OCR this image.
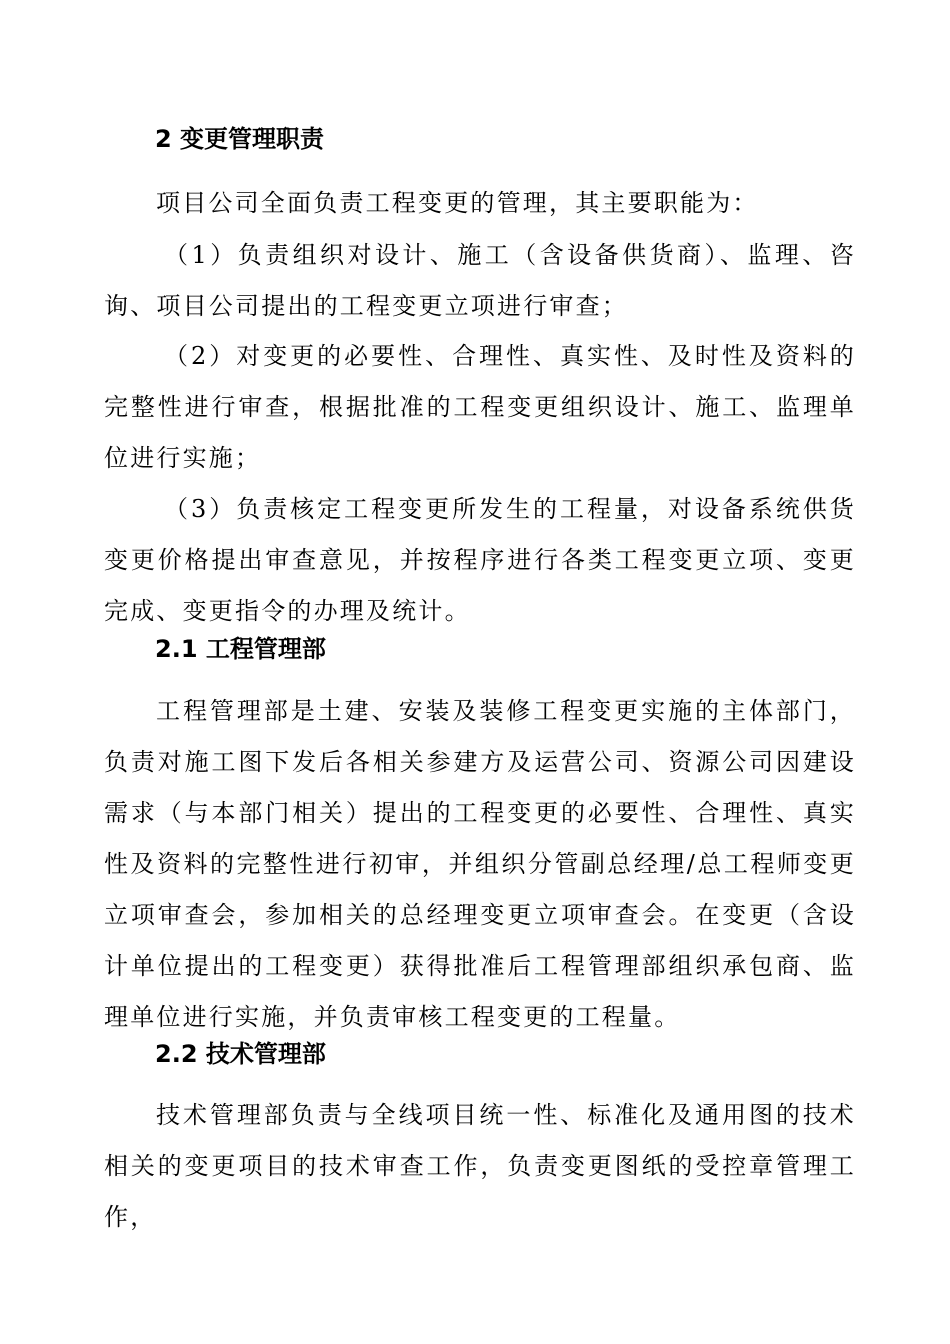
2 变更管理职责

项目公司全面负责工程变更的管理，其主要职能为：

（1）负责组织对设计、施工（含设备供货商）、监理、咨询、项目公司提出的工程变更立项进行审查；

（2）对变更的必要性、合理性、真实性、及时性及资料的完整性进行审查，根据批准的工程变更组织设计、施工、监理单位进行实施；

（3）负责核定工程变更所发生的工程量，对设备系统供货变更价格提出审查意见，并按程序进行各类工程变更立项、变更完成、变更指令的办理及统计。

2.1 工程管理部

工程管理部是土建、安装及装修工程变更实施的主体部门，负责对施工图下发后各相关参建方及运营公司、资源公司因建设需求（与本部门相关）提出的工程变更的必要性、合理性、真实性及资料的完整性进行初审，并组织分管副总经理/总工程师变更立项审查会，参加相关的总经理变更立项审查会。在变更（含设计单位提出的工程变更）获得批准后工程管理部组织承包商、监理单位进行实施，并负责审核工程变更的工程量。

2.2 技术管理部

技术管理部负责与全线项目统一性、标准化及通用图的技术相关的变更项目的技术审查工作，负责变更图纸的受控章管理工作，
